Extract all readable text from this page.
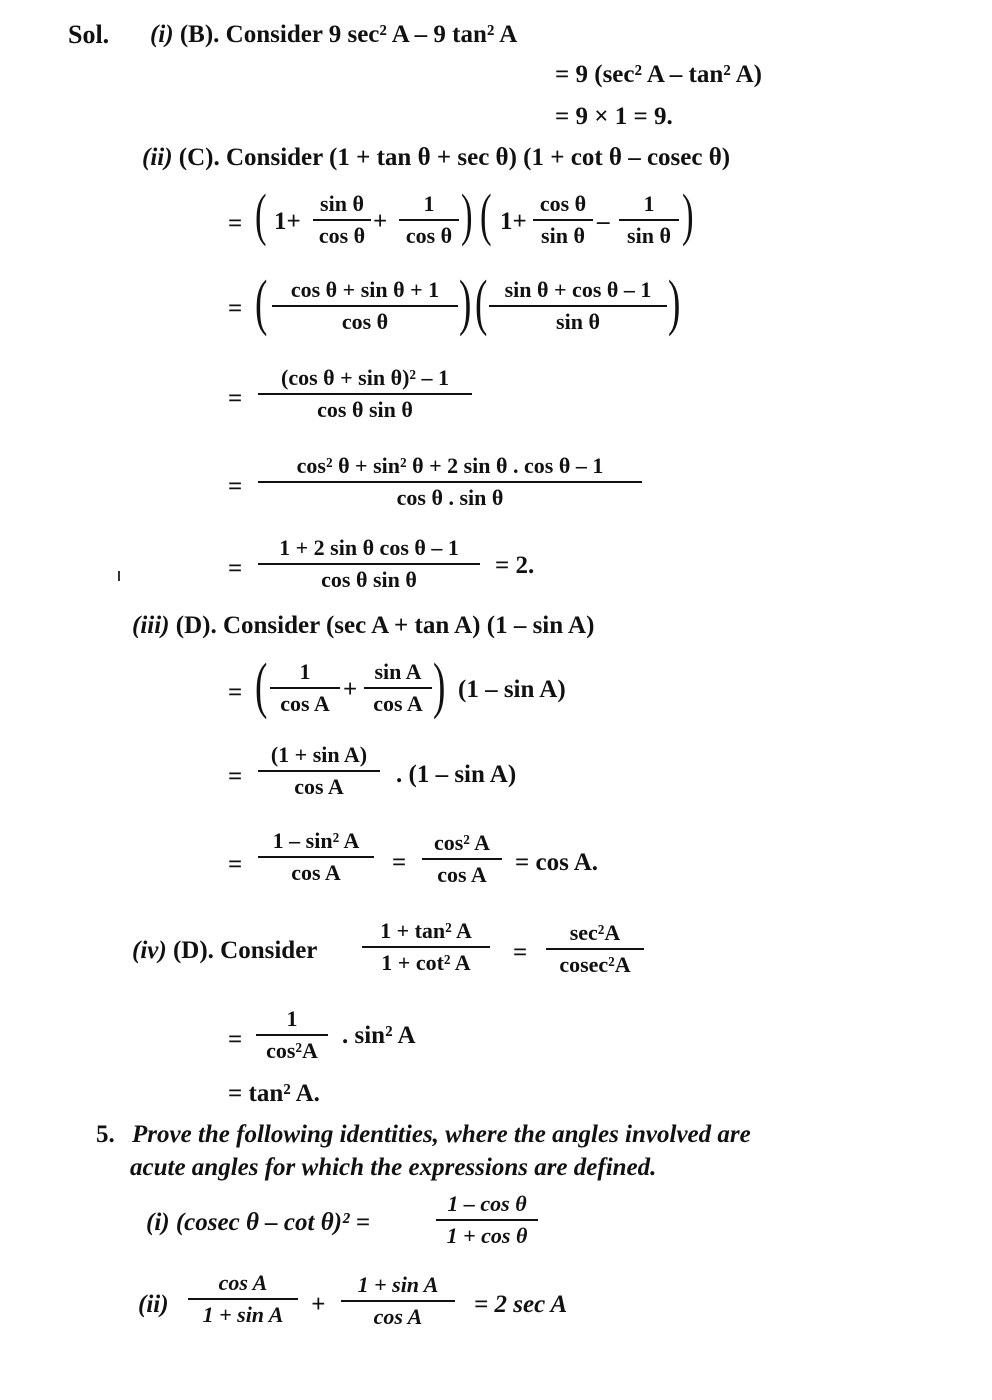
Sol. (i) (B). Consider 9 sec² A – 9 tan² A
= 9 (sec² A – tan² A)
= 9 × 1 = 9.
(ii) (C). Consider (1 + tan θ + sec θ) (1 + cot θ – cosec θ)
= ( 1+
sin θ
cos θ
+
1
cos θ ) ( 1+
cos θ
sin θ
–
1
sin θ )
= (	cos θ + sin θ + 1
cos θ	) ( sin θ + cos θ – 1
sin θ	)
=
(cos θ + sin θ)² – 1
cos θ sin θ
=
cos² θ + sin² θ + 2 sin θ . cos θ – 1
cos θ . sin θ
=
1 + 2 sin θ cos θ – 1
cos θ sin θ
= 2.
(iii) (D). Consider (sec A + tan A) (1 – sin A)
= (	1
cos A
+
sin A
cos A ) (1 – sin A)
=
(1 + sin A)
cos A	. (1 – sin A)
=
1 – sin² A
cos A	=
cos² A
cos A	= cos A.
(iv) (D). Consider
1 + tan² A
1 + cot² A	=
sec²A
cosec²A
=
1
cos²A
. sin² A
= tan² A.
5. Prove the following identities, where the angles involved are
acute angles for which the expressions are defined.
(i) (cosec θ – cot θ)² =
1 – cos θ
1 + cos θ
(ii)
cos A
1 + sin A	+
1 + sin A
cos A	= 2 sec A
